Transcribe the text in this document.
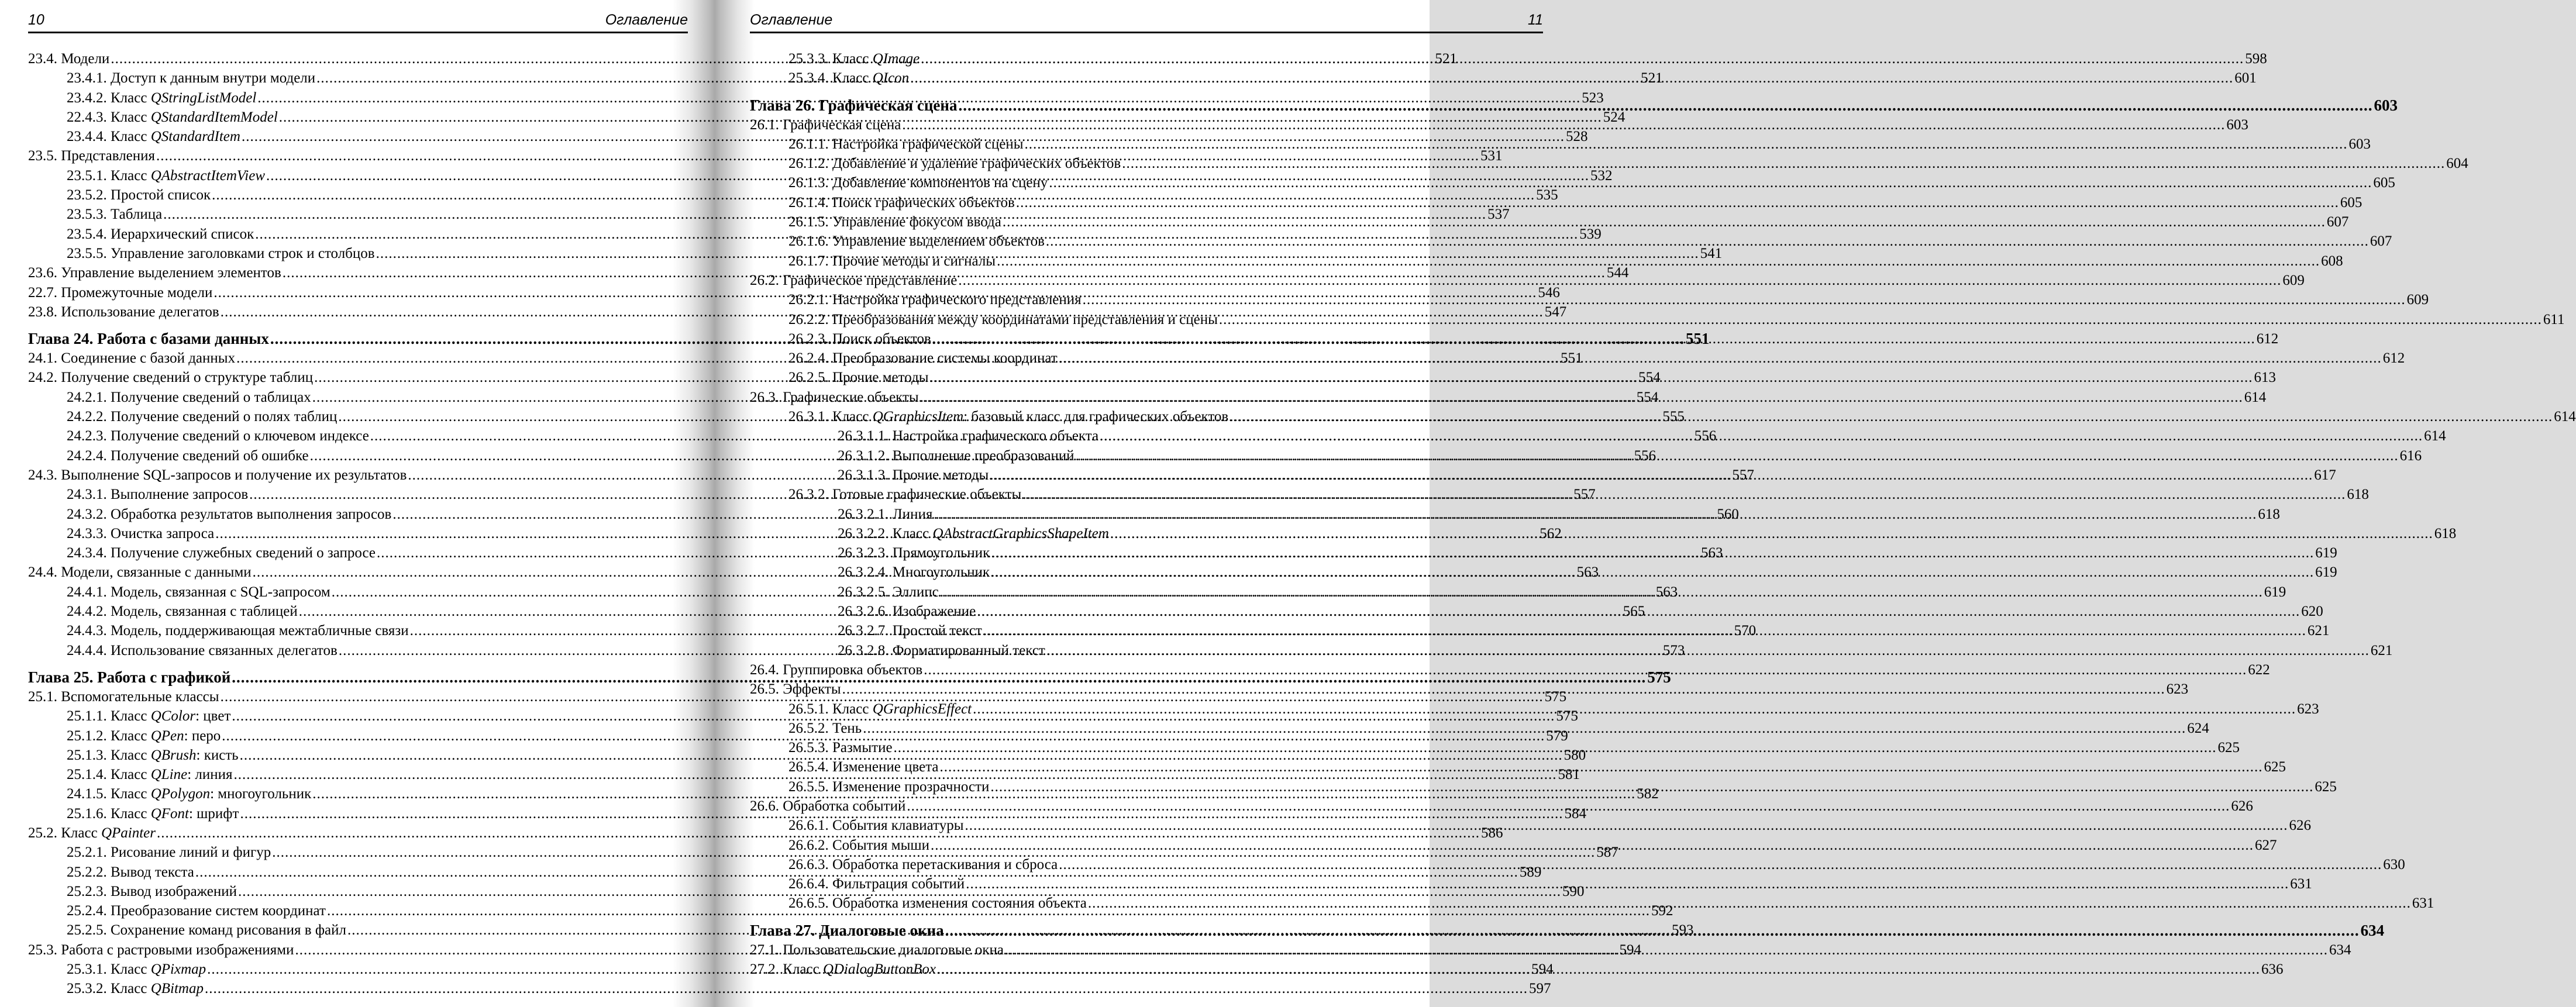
10	Оглавление
23.4. Модели .....	521
23.4.1. Доступ к данным внутри модели .....	521
23.4.2. Класс QStringListModel .....	523
22.4.3. Класс QStandardItemModel .....	524
23.4.4. Класс QStandardItem .....	528
23.5. Представления .....	531
23.5.1. Класс QAbstractItemView .....	532
23.5.2. Простой список .....	535
23.5.3. Таблица .....	537
23.5.4. Иерархический список .....	539
23.5.5. Управление заголовками строк и столбцов .....	541
23.6. Управление выделением элементов .....	544
22.7. Промежуточные модели .....	546
23.8. Использование делегатов .....	547
Глава 24. Работа с базами данных .....	551
24.1. Соединение с базой данных .....	551
24.2. Получение сведений о структуре таблиц .....	554
24.2.1. Получение сведений о таблицах .....	554
24.2.2. Получение сведений о полях таблиц .....	555
24.2.3. Получение сведений о ключевом индексе .....	556
24.2.4. Получение сведений об ошибке .....	556
24.3. Выполнение SQL-запросов и получение их результатов .....	557
24.3.1. Выполнение запросов .....	557
24.3.2. Обработка результатов выполнения запросов .....	560
24.3.3. Очистка запроса .....	562
24.3.4. Получение служебных сведений о запросе .....	563
24.4. Модели, связанные с данными .....	563
24.4.1. Модель, связанная с SQL-запросом .....	563
24.4.2. Модель, связанная с таблицей .....	565
24.4.3. Модель, поддерживающая межтабличные связи .....	570
24.4.4. Использование связанных делегатов .....	573
Глава 25. Работа с графикой .....	575
25.1. Вспомогательные классы .....	575
25.1.1. Класс QColor: цвет .....	575
25.1.2. Класс QPen: перо .....	579
25.1.3. Класс QBrush: кисть .....	580
25.1.4. Класс QLine: линия .....	581
24.1.5. Класс QPolygon: многоугольник .....	582
25.1.6. Класс QFont: шрифт .....	584
25.2. Класс QPainter .....	586
25.2.1. Рисование линий и фигур .....	587
25.2.2. Вывод текста .....	589
25.2.3. Вывод изображений .....	590
25.2.4. Преобразование систем координат .....	592
25.2.5. Сохранение команд рисования в файл .....	593
25.3. Работа с растровыми изображениями .....	594
25.3.1. Класс QPixmap .....	594
25.3.2. Класс QBitmap .....	597
Оглавление	11
25.3.3. Класс QImage .....	598
25.3.4. Класс QIcon .....	601
Глава 26. Графическая сцена .....	603
26.1. Графическая сцена .....	603
26.1.1. Настройка графической сцены .....	603
26.1.2. Добавление и удаление графических объектов .....	604
26.1.3. Добавление компонентов на сцену .....	605
26.1.4. Поиск графических объектов .....	605
26.1.5. Управление фокусом ввода .....	607
26.1.6. Управление выделением объектов .....	607
26.1.7. Прочие методы и сигналы .....	608
26.2. Графическое представление .....	609
26.2.1. Настройка графического представления .....	609
26.2.2. Преобразования между координатами представления и сцены .....	611
26.2.3. Поиск объектов .....	612
26.2.4. Преобразование системы координат .....	612
26.2.5. Прочие методы .....	613
26.3. Графические объекты .....	614
26.3.1. Класс QGraphicsItem: базовый класс для графических объектов .....	614
26.3.1.1. Настройка графического объекта .....	614
26.3.1.2. Выполнение преобразований .....	616
26.3.1.3. Прочие методы .....	617
26.3.2. Готовые графические объекты .....	618
26.3.2.1. Линия .....	618
26.3.2.2. Класс QAbstractGraphicsShapeItem .....	618
26.3.2.3. Прямоугольник .....	619
26.3.2.4. Многоугольник .....	619
26.3.2.5. Эллипс .....	619
26.3.2.6. Изображение .....	620
26.3.2.7. Простой текст .....	621
26.3.2.8. Форматированный текст .....	621
26.4. Группировка объектов .....	622
26.5. Эффекты .....	623
26.5.1. Класс QGraphicsEffect .....	623
26.5.2. Тень .....	624
26.5.3. Размытие .....	625
26.5.4. Изменение цвета .....	625
26.5.5. Изменение прозрачности .....	625
26.6. Обработка событий .....	626
26.6.1. События клавиатуры .....	626
26.6.2. События мыши .....	627
26.6.3. Обработка перетаскивания и сброса .....	630
26.6.4. Фильтрация событий .....	631
26.6.5. Обработка изменения состояния объекта .....	631
Глава 27. Диалоговые окна .....	634
27.1. Пользовательские диалоговые окна .....	634
27.2. Класс QDialogButtonBox .....	636
